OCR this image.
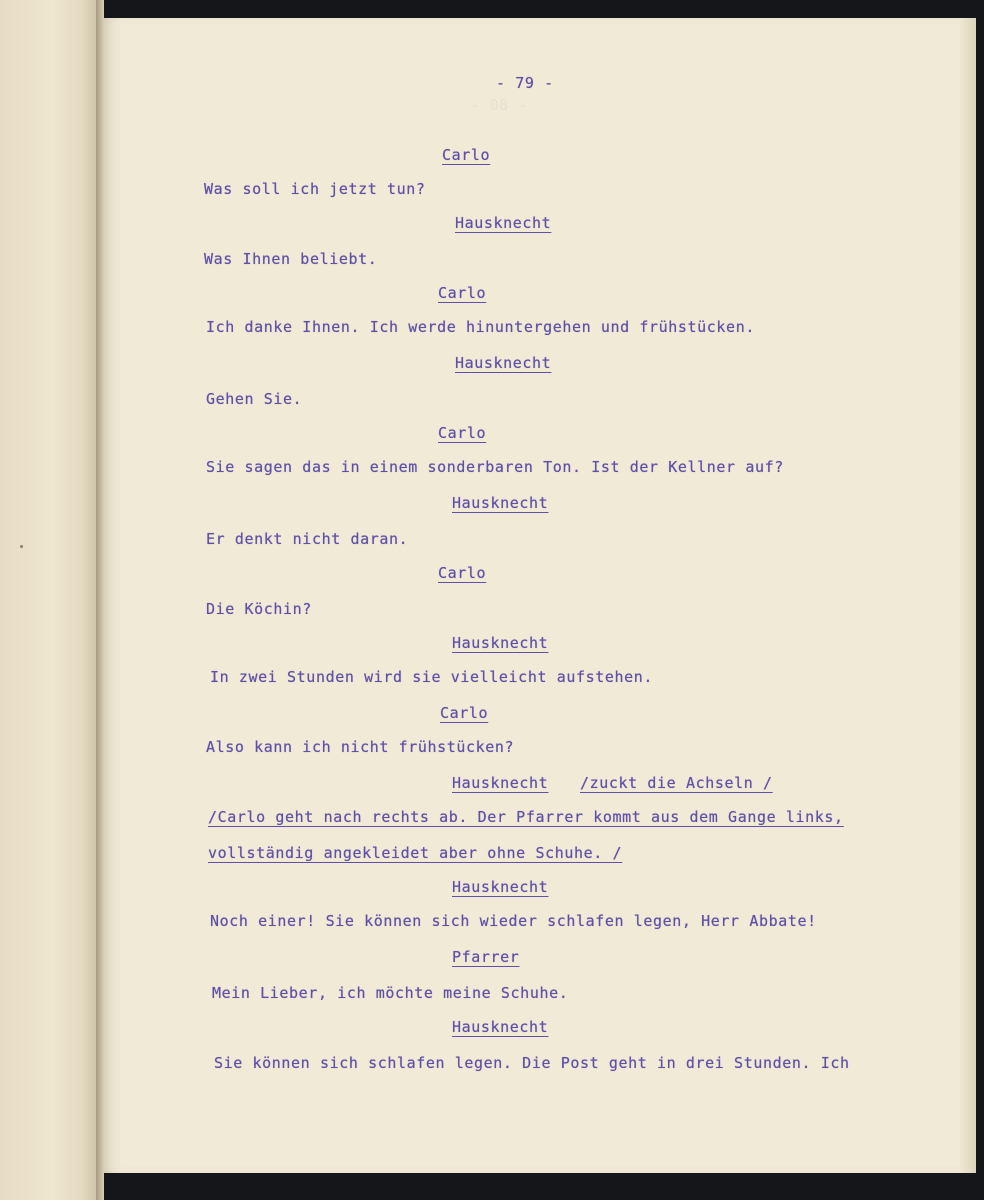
- 80 -
- 79 -
Carlo
Was soll ich jetzt tun?
Hausknecht
Was Ihnen beliebt.
Carlo
Ich danke Ihnen. Ich werde hinuntergehen und frühstücken.
Hausknecht
Gehen Sie.
Carlo
Sie sagen das in einem sonderbaren Ton. Ist der Kellner auf?
Hausknecht
Er denkt nicht daran.
Carlo
Die Köchin?
Hausknecht
In zwei Stunden wird sie vielleicht aufstehen.
Carlo
Also kann ich nicht frühstücken?
Hausknecht /zuckt die Achseln /
/Carlo geht nach rechts ab. Der Pfarrer kommt aus dem Gange links,
vollständig angekleidet aber ohne Schuhe. /
Hausknecht
Noch einer! Sie können sich wieder schlafen legen, Herr Abbate!
Pfarrer
Mein Lieber, ich möchte meine Schuhe.
Hausknecht
Sie können sich schlafen legen. Die Post geht in drei Stunden. Ich
